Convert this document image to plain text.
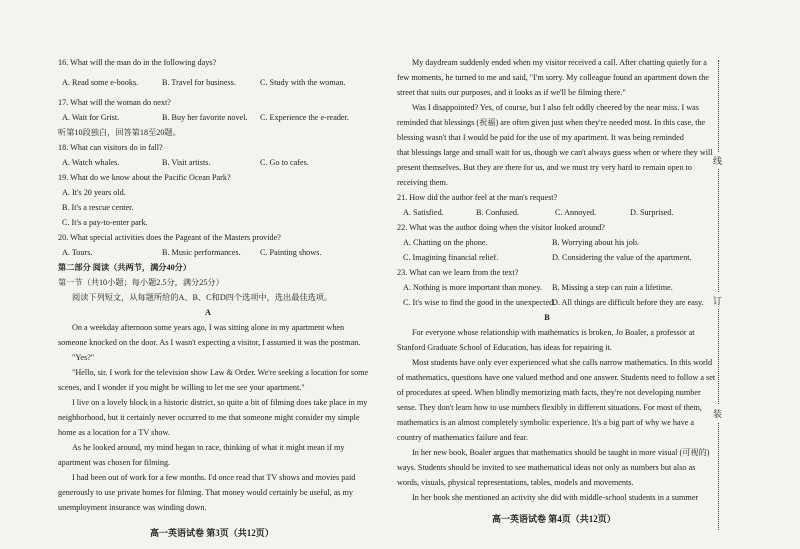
16. What will the man do in the following days?
A. Read some e-books.	B. Travel for business.	C. Study with the woman.
17. What will the woman do next?
A. Wait for Grist.	B. Buy her favorite novel. C. Experience the e-reader.
听第10段独白，回答第18至20题。
18. What can visitors do in fall?
A. Watch whales.	B. Visit artists.	C. Go to cafes.
19. What do we know about the Pacific Ocean Park?
A. It's 20 years old.
B. It's a rescue center.
C. It's a pay-to-enter park.
20. What special activities does the Pageant of the Masters provide?
A. Tours.	B. Music performances. C. Painting shows.
第二部分 阅读（共两节，满分40分）
第一节（共10小题；每小题2.5分，满分25分）
阅读下列短文，从每题所给的A、B、C和D四个选项中，选出最佳选项。
A
On a weekday afternoon some years ago, I was sitting alone in my apartment when
someone knocked on the door. As I wasn't expecting a visitor, I assumed it was the postman.
"Yes?"
"Hello, sir. I work for the television show Law & Order. We're seeking a location for some
scenes, and I wonder if you might be willing to let me see your apartment."
I live on a lovely block in a historic district, so quite a bit of filming does take place in my
neighborhood, but it certainly never occurred to me that someone might consider my simple
home as a location for a TV show.
As he looked around, my mind began to race, thinking of what it might mean if my
apartment was chosen for filming.
I had been out of work for a few months. I'd once read that TV shows and movies paid
generously to use private homes for filming. That money would certainly be useful, as my
unemployment insurance was winding down.
高一英语试卷 第3页（共12页）
My daydream suddenly ended when my visitor received a call. After chatting quietly for a
few moments, he turned to me and said, "I'm sorry. My colleague found an apartment down the
street that suits our purposes, and it looks as if we'll be filming there."
Was I disappointed? Yes, of course, but I also felt oddly cheered by the near miss. I was
reminded that blessings (祝福) are often given just when they're needed most. In this case, the
blessing wasn't that I would be paid for the use of my apartment. It was being reminded
that blessings large and small wait for us, though we can't always guess when or where they will
present themselves. But they are there for us, and we must try very hard to remain open to
receiving them.
21. How did the author feel at the man's request?
A. Satisfied.	B. Confused.	C. Annoyed.	D. Surprised.
22. What was the author doing when the visitor looked around?
A. Chatting on the phone.	B. Worrying about his job.
C. Imagining financial relief.	D. Considering the value of the apartment.
23. What can we learn from the text?
A. Nothing is more important than money. B. Missing a step can ruin a lifetime.
C. It's wise to find the good in the unexpected.
D. All things are difficult before they are easy.
B
For everyone whose relationship with mathematics is broken, Jo Boaler, a professor at
Stanford Graduate School of Education, has ideas for repairing it.
Most students have only ever experienced what she calls narrow mathematics. In this world
of mathematics, questions have one valued method and one answer. Students need to follow a set
of procedures at speed. When blindly memorizing math facts, they're not developing number
sense. They don't learn how to use numbers flexibly in different situations. For most of them,
mathematics is an almost completely symbolic experience. It's a big part of why we have a
country of mathematics failure and fear.
In her new book, Boaler argues that mathematics should be taught in more visual (可视的)
ways. Students should be invited to see mathematical ideas not only as numbers but also as
words, visuals, physical representations, tables, models and movements.
In her book she mentioned an activity she did with middle-school students in a summer
高一英语试卷 第4页（共12页）
线
订
装
